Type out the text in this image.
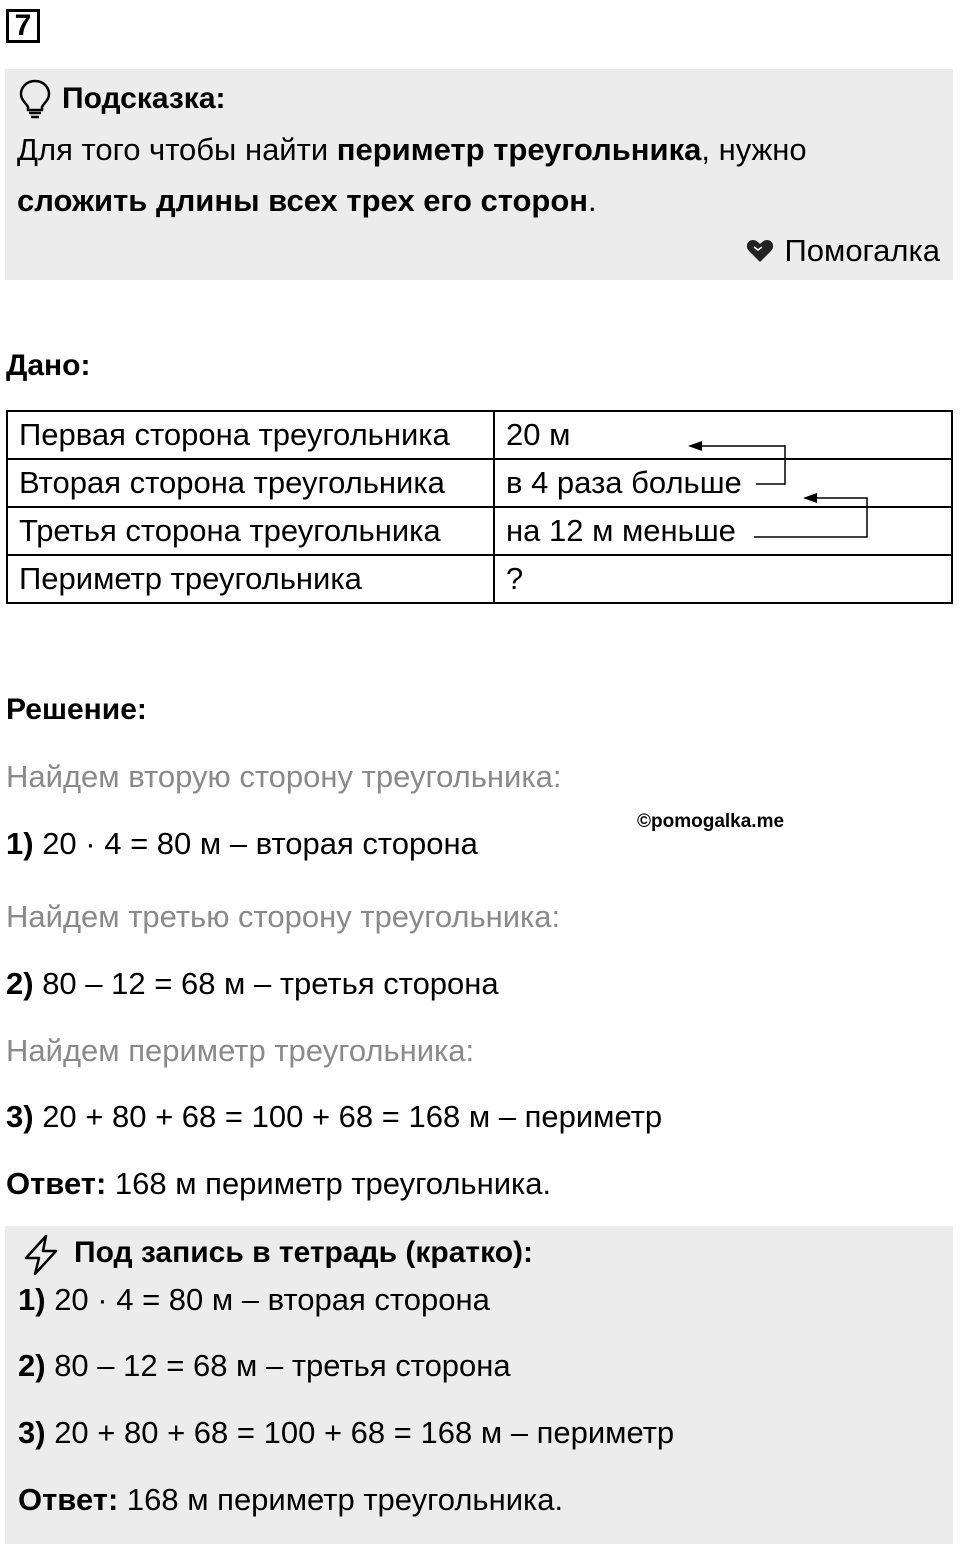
7
Подсказка:
Для того чтобы найти периметр треугольника, нужно
сложить длины всех трех его сторон.
Помогалка
Дано:
Первая сторона треугольника	20 м
Вторая сторона треугольника	в 4 раза больше
Третья сторона треугольника	на 12 м меньше
Периметр треугольника	?
Решение:
Найдем вторую сторону треугольника:
©pomogalka.me
1) 20 · 4 = 80 м – вторая сторона
Найдем третью сторону треугольника:
2) 80 – 12 = 68 м – третья сторона
Найдем периметр треугольника:
3) 20 + 80 + 68 = 100 + 68 = 168 м – периметр
Ответ: 168 м периметр треугольника.
Под запись в тетрадь (кратко):
1) 20 · 4 = 80 м – вторая сторона
2) 80 – 12 = 68 м – третья сторона
3) 20 + 80 + 68 = 100 + 68 = 168 м – периметр
Ответ: 168 м периметр треугольника.
